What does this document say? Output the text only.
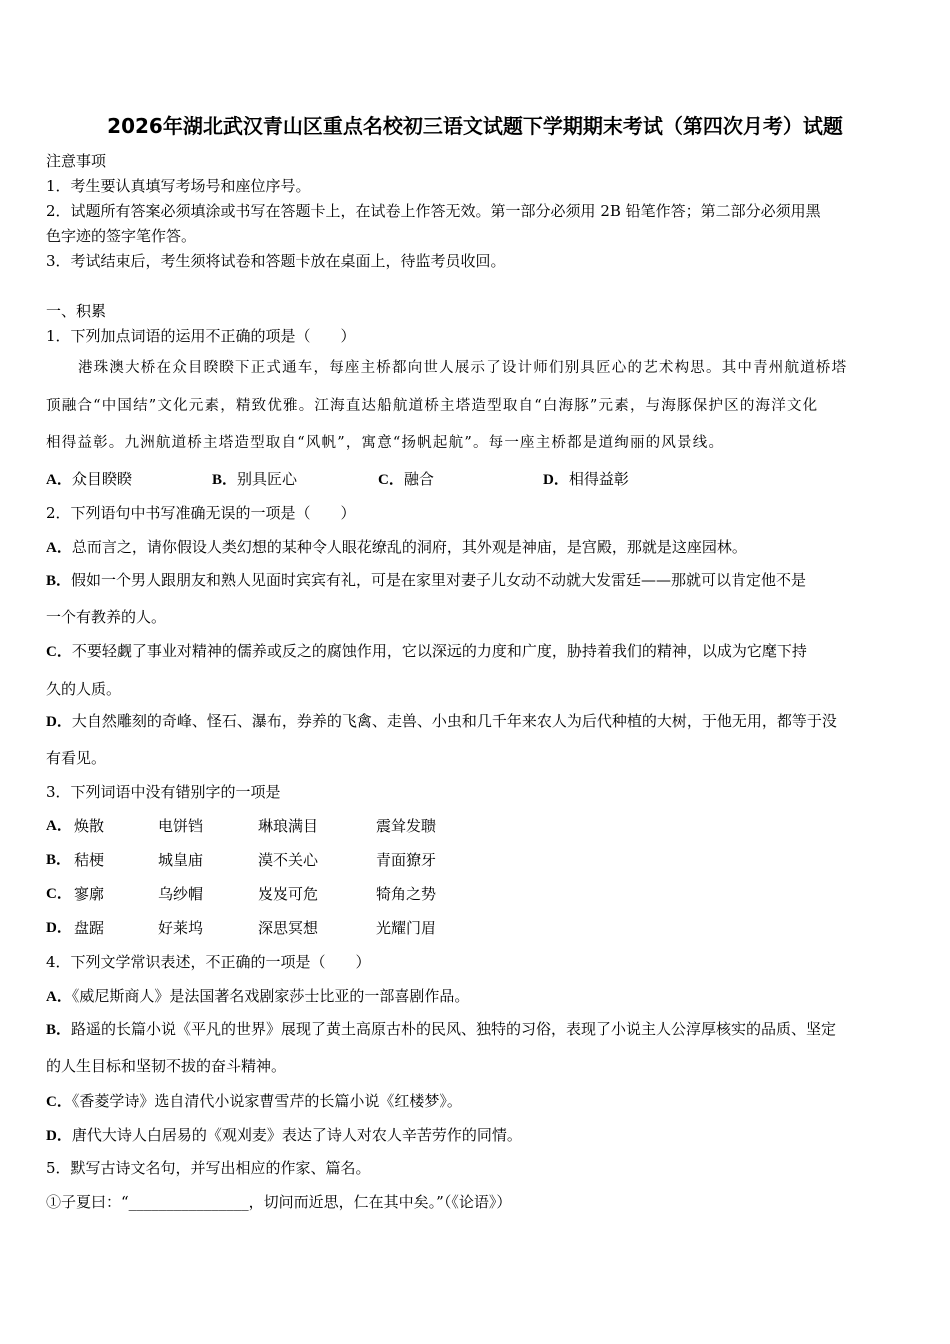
2026年湖北武汉青山区重点名校初三语文试题下学期期末考试（第四次月考）试题
注意事项
1．考生要认真填写考场号和座位序号。
2．试题所有答案必须填涂或书写在答题卡上，在试卷上作答无效。第一部分必须用 2B 铅笔作答；第二部分必须用黑
色字迹的签字笔作答。
3．考试结束后，考生须将试卷和答题卡放在桌面上，待监考员收回。
一、积累
1．下列加点词语的运用不正确的项是（　　）
港珠澳大桥在众目睽睽下正式通车，每座主桥都向世人展示了设计师们别具匠心的艺术构思。其中青州航道桥塔
顶融合“中国结”文化元素，精致优雅。江海直达船航道桥主塔造型取自“白海豚”元素，与海豚保护区的海洋文化
相得益彰。九洲航道桥主塔造型取自“风帆”，寓意“扬帆起航”。每一座主桥都是道绚丽的风景线。
A．众目睽睽	B．别具匠心	C．融合	D．相得益彰
2．下列语句中书写准确无误的一项是（　　）
A．总而言之，请你假设人类幻想的某种令人眼花缭乱的洞府，其外观是神庙，是宫殿，那就是这座园林。
B．假如一个男人跟朋友和熟人见面时宾宾有礼，可是在家里对妻子儿女动不动就大发雷廷——那就可以肯定他不是
一个有教养的人。
C．不要轻觑了事业对精神的儒养或反之的腐蚀作用，它以深远的力度和广度，胁持着我们的精神，以成为它麾下持
久的人质。
D．大自然雕刻的奇峰、怪石、瀑布，券养的飞禽、走兽、小虫和几千年来农人为后代种植的大树，于他无用，都等于没
有看见。
3．下列词语中没有错别字的一项是
A． 焕散	电饼铛	琳琅满目	震耸发聩
B． 秸梗	城皇庙	漠不关心	青面獠牙
C． 寥廓	乌纱帽	岌岌可危	犄角之势
D． 盘踞	好莱坞	深思冥想	光耀门眉
4．下列文学常识表述，不正确的一项是（　　）
A．《威尼斯商人》是法国著名戏剧家莎士比亚的一部喜剧作品。
B．路遥的长篇小说《平凡的世界》展现了黄土高原古朴的民风、独特的习俗，表现了小说主人公淳厚核实的品质、坚定
的人生目标和坚韧不拔的奋斗精神。
C．《香菱学诗》选自清代小说家曹雪芹的长篇小说《红楼梦》。
D．唐代大诗人白居易的《观刈麦》表达了诗人对农人辛苦劳作的同情。
5．默写古诗文名句，并写出相应的作家、篇名。
①子夏曰：“________________，切问而近思，仁在其中矣。”（《论语》）
